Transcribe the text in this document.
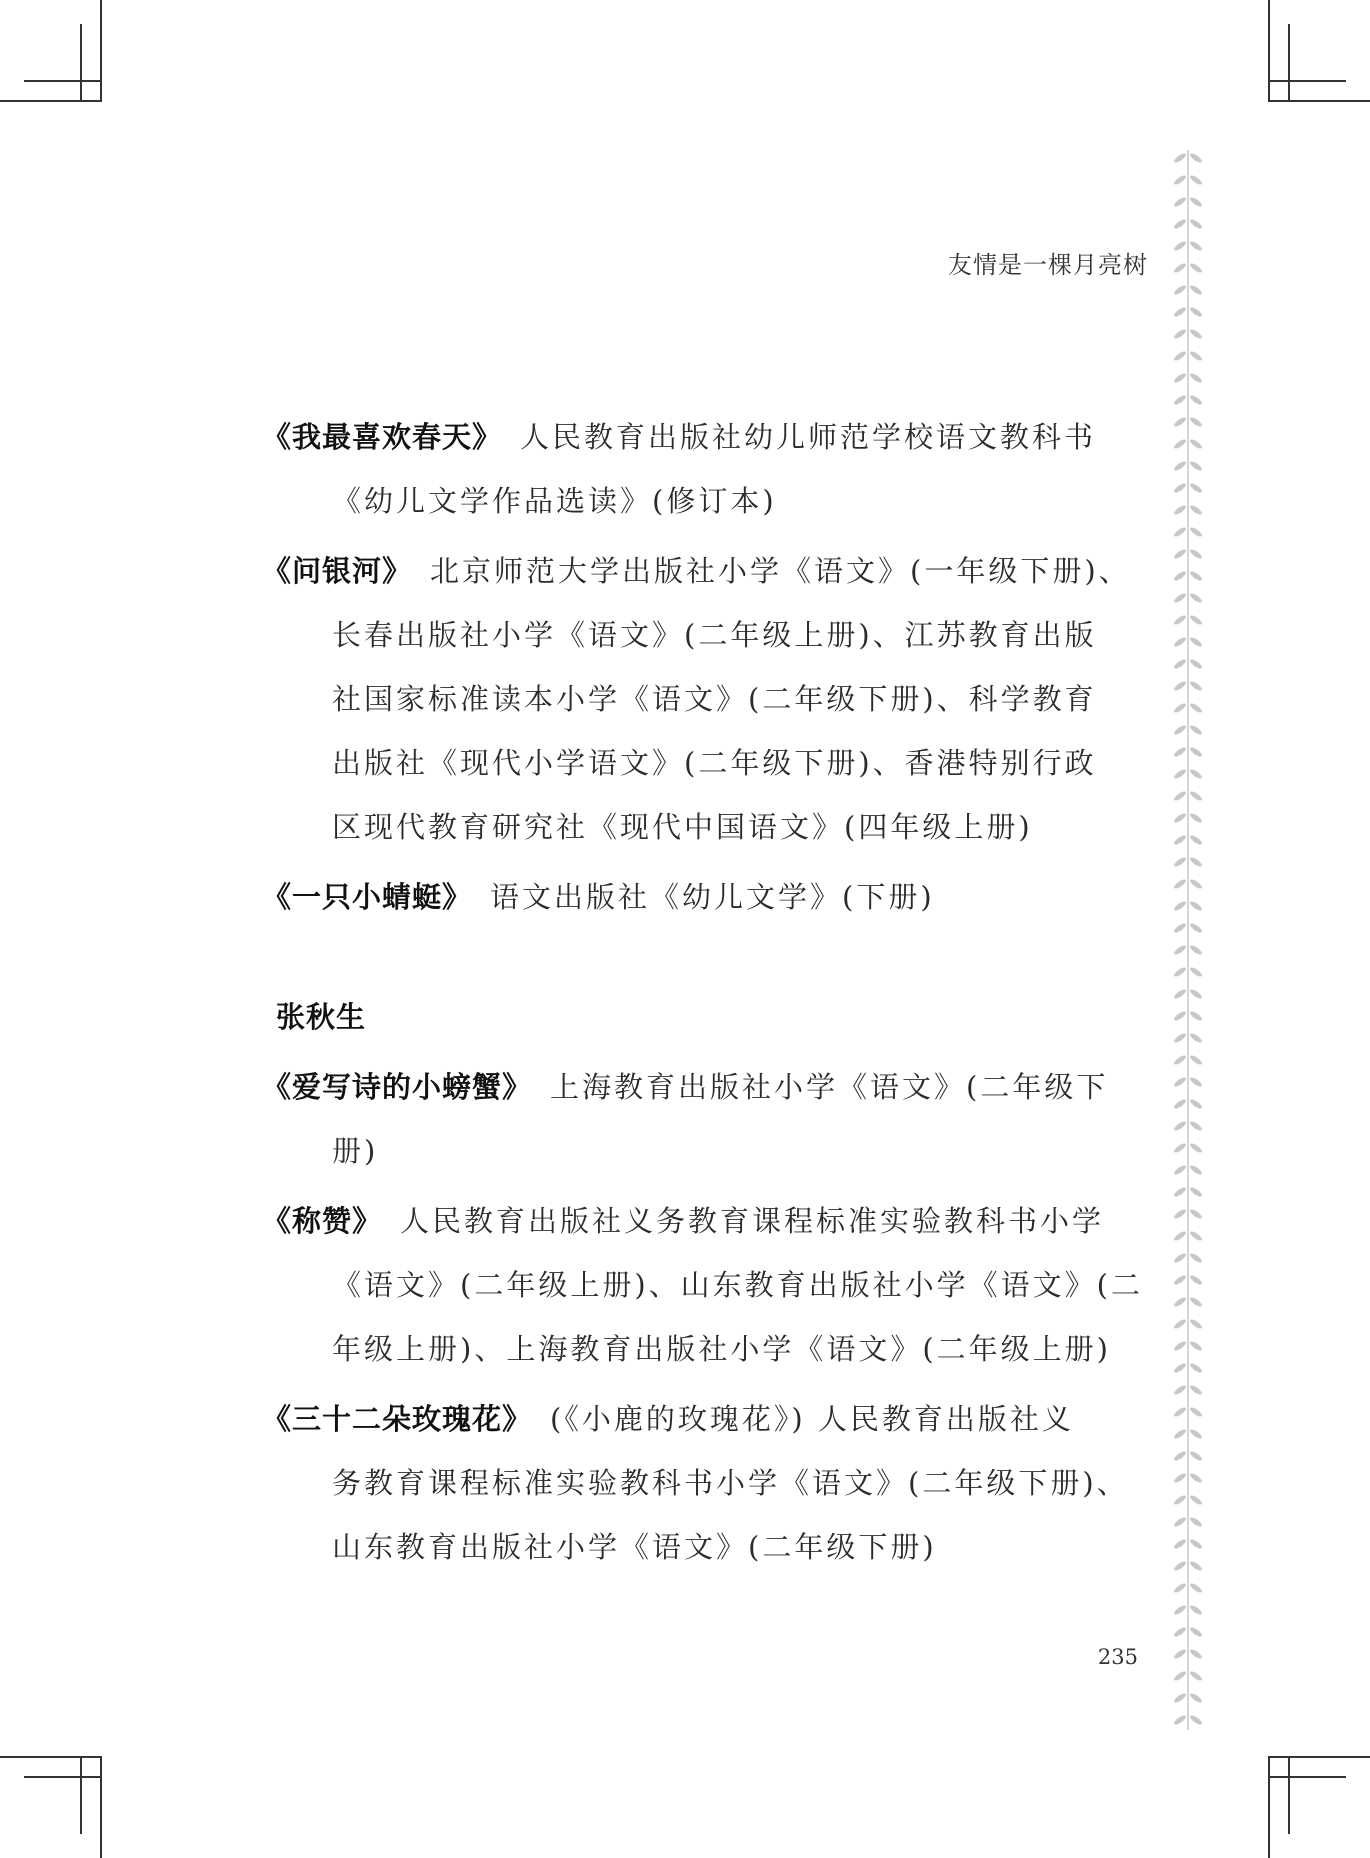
友情是一棵月亮树
《我最喜欢春天》 人民教育出版社幼儿师范学校语文教科书
《幼儿文学作品选读》(修订本)
《问银河》 北京师范大学出版社小学《语文》(一年级下册)、
长春出版社小学《语文》(二年级上册)、江苏教育出版
社国家标准读本小学《语文》(二年级下册)、科学教育
出版社《现代小学语文》(二年级下册)、香港特别行政
区现代教育研究社《现代中国语文》(四年级上册)
《一只小蜻蜓》 语文出版社《幼儿文学》(下册)
张秋生
《爱写诗的小螃蟹》 上海教育出版社小学《语文》(二年级下
册)
《称赞》 人民教育出版社义务教育课程标准实验教科书小学
《语文》(二年级上册)、山东教育出版社小学《语文》(二
年级上册)、上海教育出版社小学《语文》(二年级上册)
《三十二朵玫瑰花》 (《小鹿的玫瑰花》) 人民教育出版社义
务教育课程标准实验教科书小学《语文》(二年级下册)、
山东教育出版社小学《语文》(二年级下册)
235
